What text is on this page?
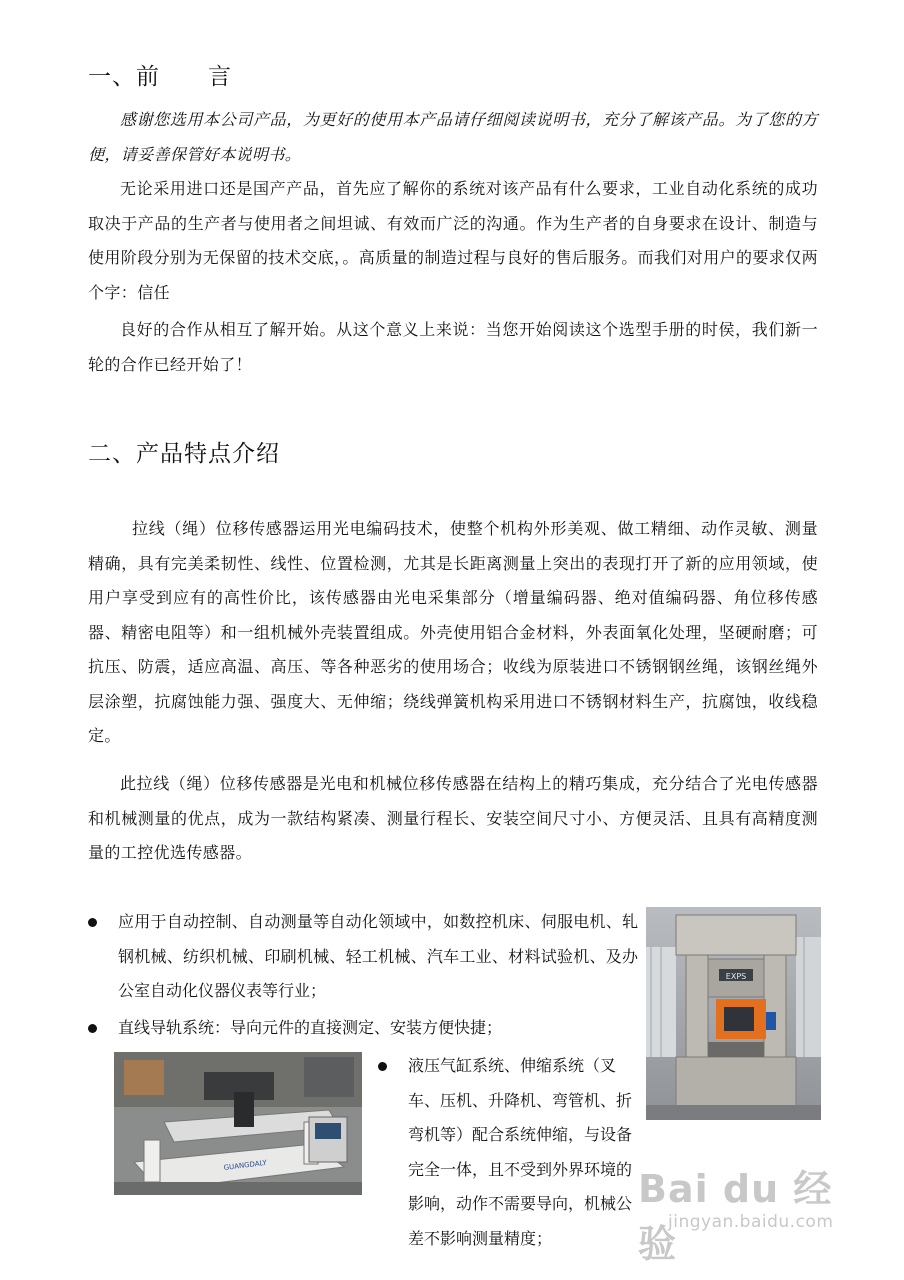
一、前　　言
感谢您选用本公司产品，为更好的使用本产品请仔细阅读说明书，充分了解该产品。为了您的方便，请妥善保管好本说明书。
无论采用进口还是国产产品，首先应了解你的系统对该产品有什么要求，工业自动化系统的成功取决于产品的生产者与使用者之间坦诚、有效而广泛的沟通。作为生产者的自身要求在设计、制造与使用阶段分别为无保留的技术交底，。高质量的制造过程与良好的售后服务。而我们对用户的要求仅两个字：信任
良好的合作从相互了解开始。从这个意义上来说：当您开始阅读这个选型手册的时侯，我们新一轮的合作已经开始了！
二、产品特点介绍
拉线（绳）位移传感器运用光电编码技术，使整个机构外形美观、做工精细、动作灵敏、测量精确，具有完美柔韧性、线性、位置检测，尤其是长距离测量上突出的表现打开了新的应用领域，使用户享受到应有的高性价比，该传感器由光电采集部分（增量编码器、绝对值编码器、角位移传感器、精密电阻等）和一组机械外壳装置组成。外壳使用铝合金材料，外表面氧化处理，坚硬耐磨；可抗压、防震，适应高温、高压、等各种恶劣的使用场合；收线为原装进口不锈钢钢丝绳，该钢丝绳外层涂塑，抗腐蚀能力强、强度大、无伸缩；绕线弹簧机构采用进口不锈钢材料生产，抗腐蚀，收线稳定。
此拉线（绳）位移传感器是光电和机械位移传感器在结构上的精巧集成，充分结合了光电传感器和机械测量的优点，成为一款结构紧凑、测量行程长、安装空间尺寸小、方便灵活、且具有高精度测量的工控优选传感器。
应用于自动控制、自动测量等自动化领域中，如数控机床、伺服电机、轧钢机械、纺织机械、印刷机械、轻工机械、汽车工业、材料试验机、及办公室自动化仪器仪表等行业；
直线导轨系统：导向元件的直接测定、安装方便快捷；
液压气缸系统、伸缩系统（叉车、压机、升降机、弯管机、折弯机等）配合系统伸缩，与设备完全一体，且不受到外界环境的影响，动作不需要导向，机械公差不影响测量精度；
EXPS
GUANGDALY
Bai du 经验
jingyan.baidu.com
